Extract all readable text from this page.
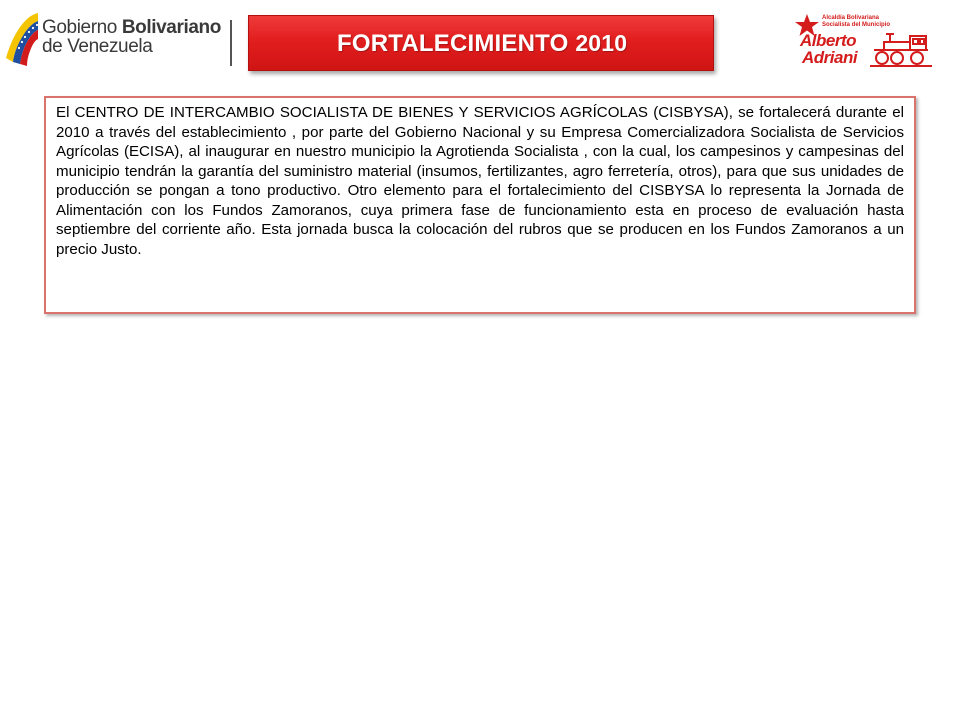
Gobierno Bolivariano
de Venezuela	FORTALECIMIENTO 2010
Alcaldía Bolivariana
Socialista del Municipio
Alberto
Adriani

El CENTRO DE INTERCAMBIO SOCIALISTA DE BIENES Y SERVICIOS AGRÍCOLAS (CISBYSA), se fortalecerá durante el 2010 a través del establecimiento , por parte del Gobierno Nacional y su Empresa Comercializadora Socialista de Servicios Agrícolas (ECISA), al inaugurar en nuestro municipio la Agrotienda Socialista , con la cual, los campesinos y campesinas del municipio tendrán la garantía del suministro material (insumos, fertilizantes, agro ferretería, otros), para que sus unidades de producción se pongan a tono productivo. Otro elemento para el fortalecimiento del CISBYSA lo representa la Jornada de Alimentación con los Fundos Zamoranos, cuya primera fase de funcionamiento esta en proceso de evaluación hasta septiembre del corriente año. Esta jornada busca la colocación del rubros que se producen en los Fundos Zamoranos a un precio Justo.
